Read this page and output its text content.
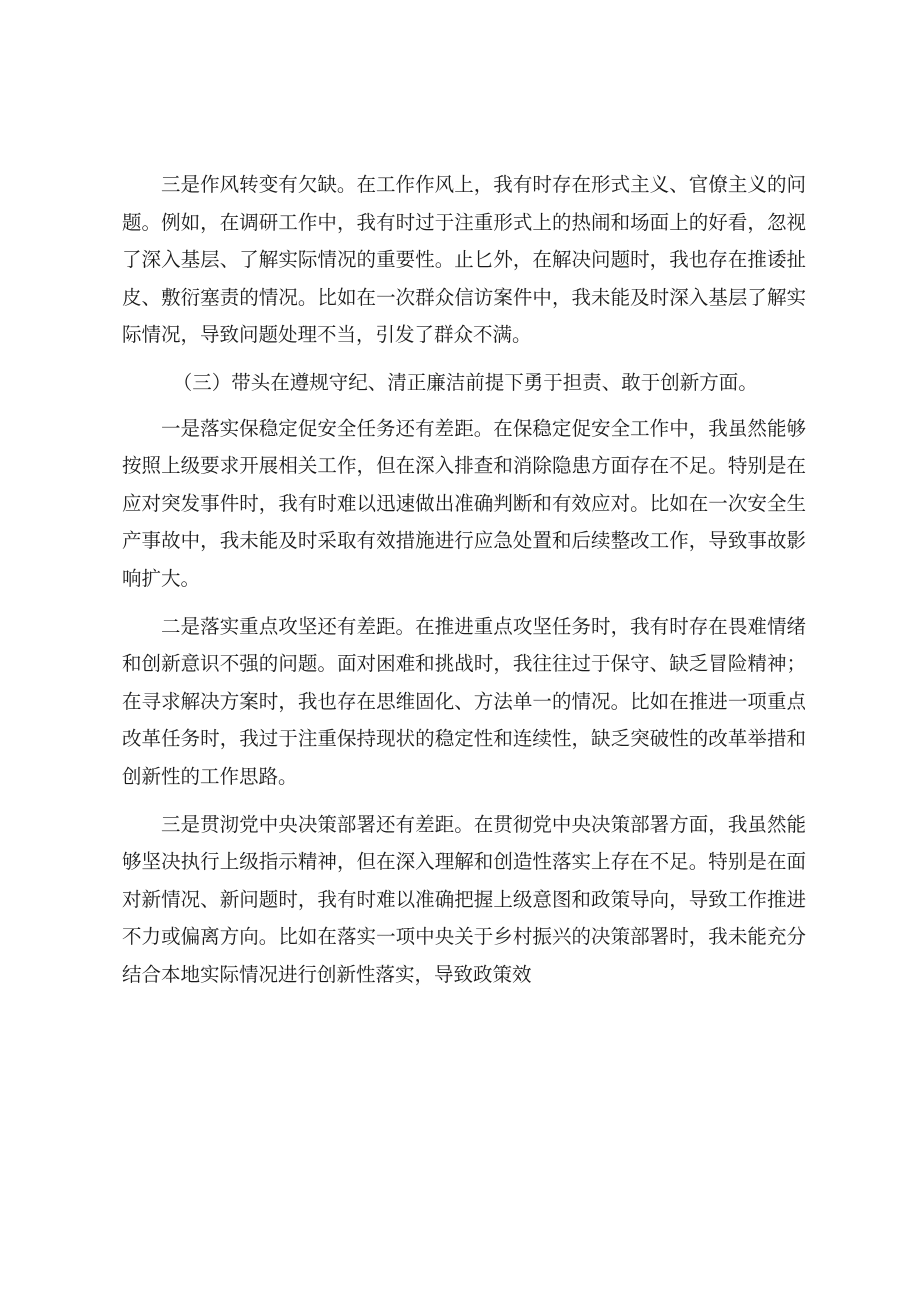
三是作风转变有欠缺。在工作作风上，我有时存在形式主义、官僚主义的问题。例如，在调研工作中，我有时过于注重形式上的热闹和场面上的好看，忽视了深入基层、了解实际情况的重要性。止匕外，在解决问题时，我也存在推诿扯皮、敷衍塞责的情况。比如在一次群众信访案件中，我未能及时深入基层了解实际情况，导致问题处理不当，引发了群众不满。

（三）带头在遵规守纪、清正廉洁前提下勇于担责、敢于创新方面。

一是落实保稳定促安全任务还有差距。在保稳定促安全工作中，我虽然能够按照上级要求开展相关工作，但在深入排查和消除隐患方面存在不足。特别是在应对突发事件时，我有时难以迅速做出准确判断和有效应对。比如在一次安全生产事故中，我未能及时采取有效措施进行应急处置和后续整改工作，导致事故影响扩大。

二是落实重点攻坚还有差距。在推进重点攻坚任务时，我有时存在畏难情绪和创新意识不强的问题。面对困难和挑战时，我往往过于保守、缺乏冒险精神；在寻求解决方案时，我也存在思维固化、方法单一的情况。比如在推进一项重点改革任务时，我过于注重保持现状的稳定性和连续性，缺乏突破性的改革举措和创新性的工作思路。

三是贯沏党中央决策部署还有差距。在贯彻党中央决策部署方面，我虽然能够坚决执行上级指示精神，但在深入理解和创造性落实上存在不足。特别是在面对新情况、新问题时，我有时难以准确把握上级意图和政策导向，导致工作推进不力或偏离方向。比如在落实一项中央关于乡村振兴的决策部署时，我未能充分结合本地实际情况进行创新性落实，导致政策效
